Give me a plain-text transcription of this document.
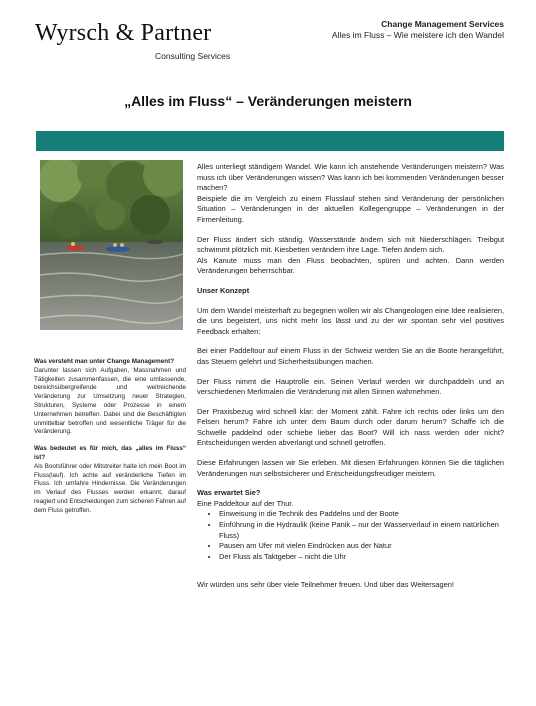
Wyrsch & Partner
Consulting Services
Change Management Services
Alles im Fluss – Wie meistere ich den Wandel
„Alles im Fluss“ – Veränderungen meistern

Was versteht man unter Change Management?

Darunter lassen sich Aufgaben, Massnahmen und Tätigkeiten zusammenfassen, die eine umfassende, bereichsübergreifende und weitreichende Veränderung zur Umsetzung neuer Strategien, Strukturen, Systeme oder Prozesse in einem Unternehmen betreffen. Dabei sind die Beschäftigten unmittelbar betroffen und wesentliche Träger für die Veränderung.

Was bedeutet es für mich, das „alles im Fluss“ ist?

Als Bootsführer oder Mitstreiter halte ich mein Boot im Fluss(lauf). Ich achte auf veränderliche Tiefen im Fluss. Ich umfahre Hindernisse. Die Veränderungen im Verlauf des Flusses werden erkannt, darauf reagiert und Entscheidungen zum sicheren Fahren auf dem Fluss getroffen.

Alles unterliegt ständigem Wandel. Wie kann ich anstehende Veränderungen meistern? Was muss ich über Veränderungen wissen? Was kann ich bei kommenden Veränderungen besser machen?

Beispiele die im Vergleich zu einem Flusslauf stehen sind Veränderung der persönlichen Situation – Veränderungen in der aktuellen Kollegengruppe – Veränderungen in der Firmenleitung.

Der Fluss ändert sich ständig. Wasserstände ändern sich mit Niederschlägen. Treibgut schwimmt plötzlich mit. Kiesbetten verändern ihre Lage. Tiefen ändern sich.

Als Kanute muss man den Fluss beobachten, spüren und achten. Dann werden Veränderungen beherrschbar.

Unser Konzept

Um dem Wandel meisterhaft zu begegnen wollen wir als Changeologen eine Idee realisieren, die uns begeistert, uns nicht mehr los lässt und zu der wir spontan sehr viel positives Feedback erhalten:

Bei einer Paddeltour auf einem Fluss in der Schweiz werden Sie an die Boote herangeführt, das Steuern gelehrt und Sicherheitsübungen machen.

Der Fluss nimmt die Hauptrolle ein. Seinen Verlauf werden wir durchpaddeln und an verschiedenen Merkmalen die Veränderung mit allen Sinnen wahrnehmen.

Der Praxisbezug wird schnell klar: der Moment zählt. Fahre ich rechts oder links um den Felsen herum? Fahre ich unter dem Baum durch oder darum herum? Schaffe ich die Schwelle paddelnd oder schiebe lieber das Boot? Will ich nass werden oder nicht? Entscheidungen werden abverlangt und schnell getroffen.

Diese Erfahrungen lassen wir Sie erleben. Mit diesen Erfahrungen können Sie die täglichen Veränderungen nun selbstsicherer und Entscheidungsfreudiger meistern.

Was erwartet Sie?

Eine Paddeltour auf der Thur.

• Einweisung in die Technik des Paddelns und der Boote
• Einführung in die Hydraulik (keine Panik – nur der Wasserverlauf in einem natürlichen Fluss)
• Pausen am Ufer mit vielen Eindrücken aus der Natur
• Der Fluss als Taktgeber – nicht die Uhr

Wir würden uns sehr über viele Teilnehmer freuen. Und über das Weitersagen!
